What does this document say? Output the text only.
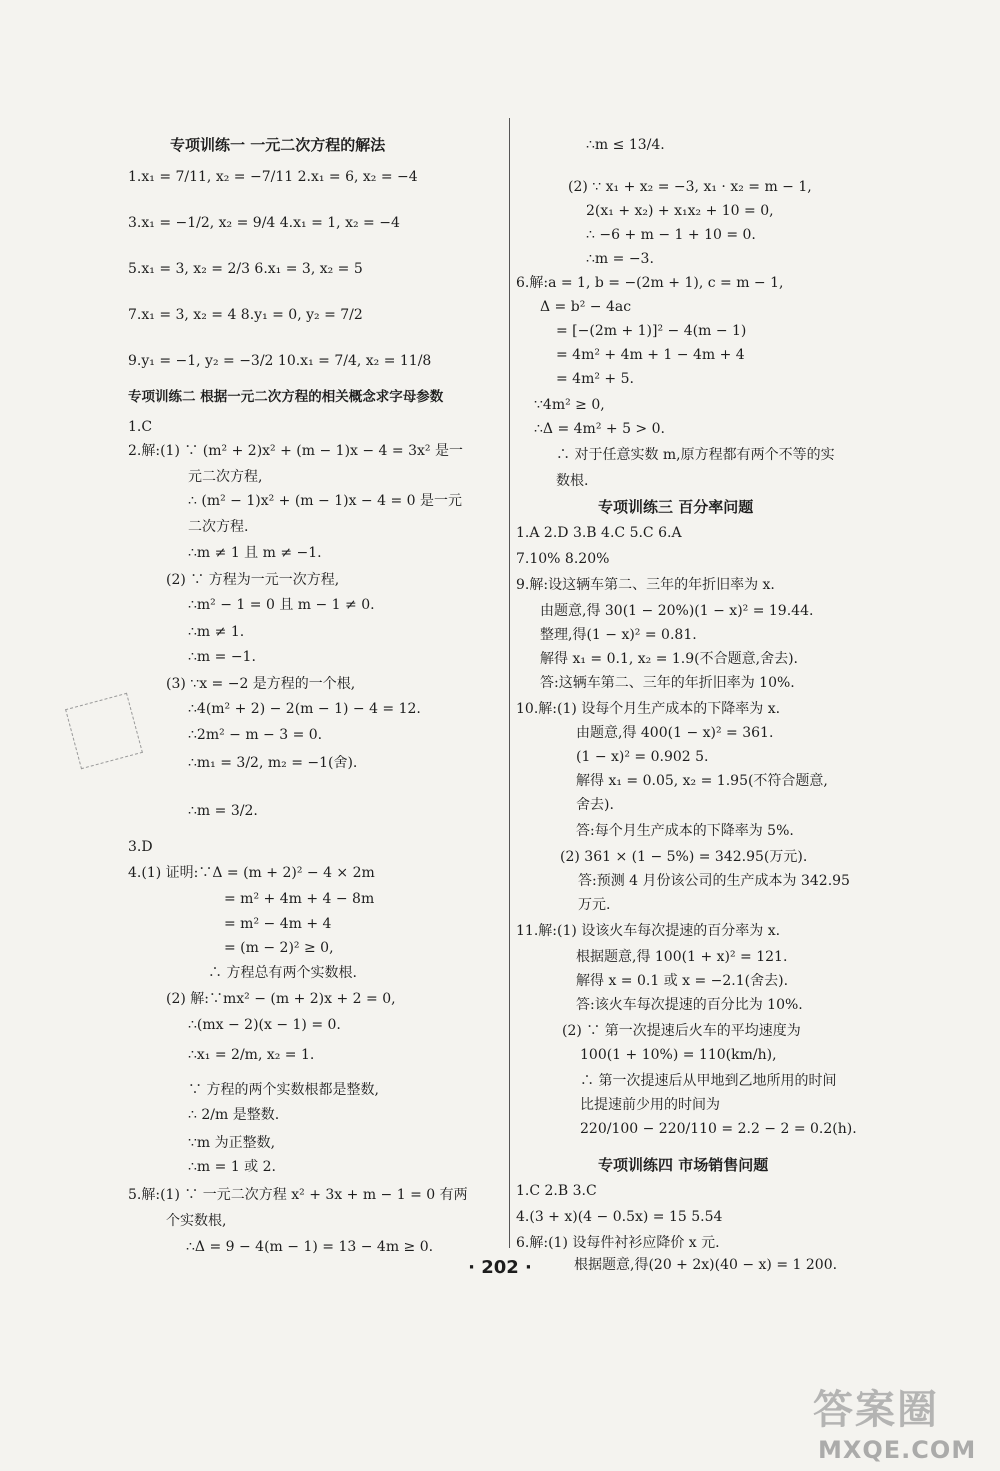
专项训练一 一元二次方程的解法
1.x₁ = 7/11, x₂ = −7/11 2.x₁ = 6, x₂ = −4
3.x₁ = −1/2, x₂ = 9/4 4.x₁ = 1, x₂ = −4
5.x₁ = 3, x₂ = 2/3 6.x₁ = 3, x₂ = 5
7.x₁ = 3, x₂ = 4 8.y₁ = 0, y₂ = 7/2
9.y₁ = −1, y₂ = −3/2 10.x₁ = 7/4, x₂ = 11/8
专项训练二 根据一元二次方程的相关概念求字母参数
1.C
2.解:(1) ∵ (m² + 2)x² + (m − 1)x − 4 = 3x² 是一
元二次方程,
∴ (m² − 1)x² + (m − 1)x − 4 = 0 是一元
二次方程.
∴m ≠ 1 且 m ≠ −1.
(2) ∵ 方程为一元一次方程,
∴m² − 1 = 0 且 m − 1 ≠ 0.
∴m ≠ 1.
∴m = −1.
(3) ∵x = −2 是方程的一个根,
∴4(m² + 2) − 2(m − 1) − 4 = 12.
∴2m² − m − 3 = 0.
∴m₁ = 3/2, m₂ = −1(舍).
∴m = 3/2.
3.D
4.(1) 证明:∵Δ = (m + 2)² − 4 × 2m
= m² + 4m + 4 − 8m
= m² − 4m + 4
= (m − 2)² ≥ 0,
∴ 方程总有两个实数根.
(2) 解:∵mx² − (m + 2)x + 2 = 0,
∴(mx − 2)(x − 1) = 0.
∴x₁ = 2/m, x₂ = 1.
∵ 方程的两个实数根都是整数,
∴ 2/m 是整数.
∵m 为正整数,
∴m = 1 或 2.
5.解:(1) ∵ 一元二次方程 x² + 3x + m − 1 = 0 有两
个实数根,
∴Δ = 9 − 4(m − 1) = 13 − 4m ≥ 0.
∴m ≤ 13/4.
(2) ∵ x₁ + x₂ = −3, x₁ · x₂ = m − 1,
2(x₁ + x₂) + x₁x₂ + 10 = 0,
∴ −6 + m − 1 + 10 = 0.
∴m = −3.
6.解:a = 1, b = −(2m + 1), c = m − 1,
Δ = b² − 4ac
= [−(2m + 1)]² − 4(m − 1)
= 4m² + 4m + 1 − 4m + 4
= 4m² + 5.
∵4m² ≥ 0,
∴Δ = 4m² + 5 > 0.
∴ 对于任意实数 m,原方程都有两个不等的实
数根.
专项训练三 百分率问题
1.A 2.D 3.B 4.C 5.C 6.A
7.10% 8.20%
9.解:设这辆车第二、三年的年折旧率为 x.
由题意,得 30(1 − 20%)(1 − x)² = 19.44.
整理,得(1 − x)² = 0.81.
解得 x₁ = 0.1, x₂ = 1.9(不合题意,舍去).
答:这辆车第二、三年的年折旧率为 10%.
10.解:(1) 设每个月生产成本的下降率为 x.
由题意,得 400(1 − x)² = 361.
(1 − x)² = 0.902 5.
解得 x₁ = 0.05, x₂ = 1.95(不符合题意,
舍去).
答:每个月生产成本的下降率为 5%.
(2) 361 × (1 − 5%) = 342.95(万元).
答:预测 4 月份该公司的生产成本为 342.95
万元.
11.解:(1) 设该火车每次提速的百分率为 x.
根据题意,得 100(1 + x)² = 121.
解得 x = 0.1 或 x = −2.1(舍去).
答:该火车每次提速的百分比为 10%.
(2) ∵ 第一次提速后火车的平均速度为
100(1 + 10%) = 110(km/h),
∴ 第一次提速后从甲地到乙地所用的时间
比提速前少用的时间为
220/100 − 220/110 = 2.2 − 2 = 0.2(h).
专项训练四 市场销售问题
1.C 2.B 3.C
4.(3 + x)(4 − 0.5x) = 15 5.54
6.解:(1) 设每件衬衫应降价 x 元.
根据题意,得(20 + 2x)(40 − x) = 1 200.
· 202 ·
答案圈
MXQE.COM
